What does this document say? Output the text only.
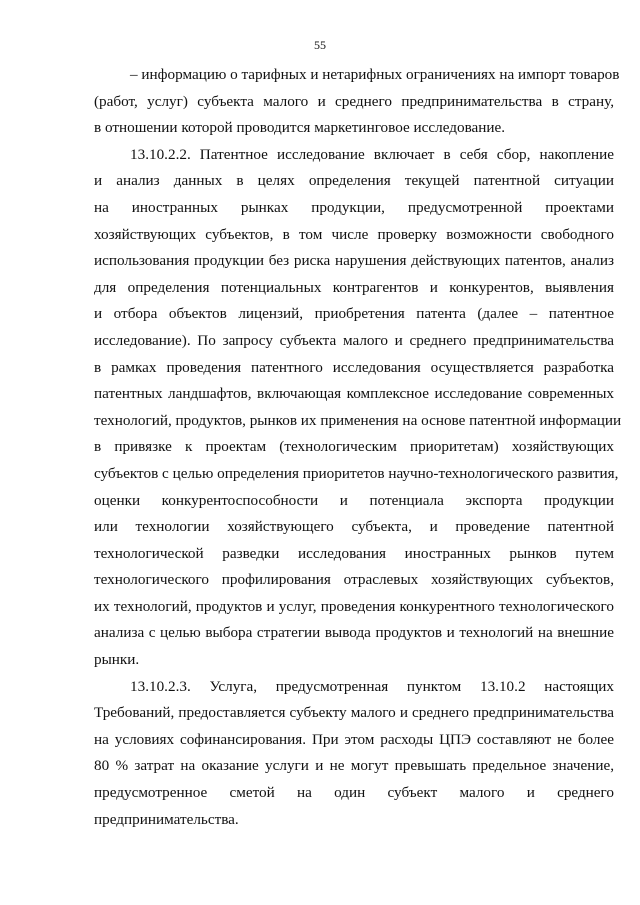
55
– информацию о тарифных и нетарифных ограничениях на импорт товаров
(работ, услуг) субъекта малого и среднего предпринимательства в страну,
в отношении которой проводится маркетинговое исследование.
13.10.2.2. Патентное исследование включает в себя сбор, накопление
и анализ данных в целях определения текущей патентной ситуации
на иностранных рынках продукции, предусмотренной проектами
хозяйствующих субъектов, в том числе проверку возможности свободного
использования продукции без риска нарушения действующих патентов, анализ
для определения потенциальных контрагентов и конкурентов, выявления
и отбора объектов лицензий, приобретения патента (далее – патентное
исследование). По запросу субъекта малого и среднего предпринимательства
в рамках проведения патентного исследования осуществляется разработка
патентных ландшафтов, включающая комплексное исследование современных
технологий, продуктов, рынков их применения на основе патентной информации
в привязке к проектам (технологическим приоритетам) хозяйствующих
субъектов с целью определения приоритетов научно-технологического развития,
оценки конкурентоспособности и потенциала экспорта продукции
или технологии хозяйствующего субъекта, и проведение патентной
технологической разведки исследования иностранных рынков путем
технологического профилирования отраслевых хозяйствующих субъектов,
их технологий, продуктов и услуг, проведения конкурентного технологического
анализа с целью выбора стратегии вывода продуктов и технологий на внешние
рынки.
13.10.2.3. Услуга, предусмотренная пунктом 13.10.2 настоящих
Требований, предоставляется субъекту малого и среднего предпринимательства
на условиях софинансирования. При этом расходы ЦПЭ составляют не более
80 % затрат на оказание услуги и не могут превышать предельное значение,
предусмотренное сметой на один субъект малого и среднего
предпринимательства.
